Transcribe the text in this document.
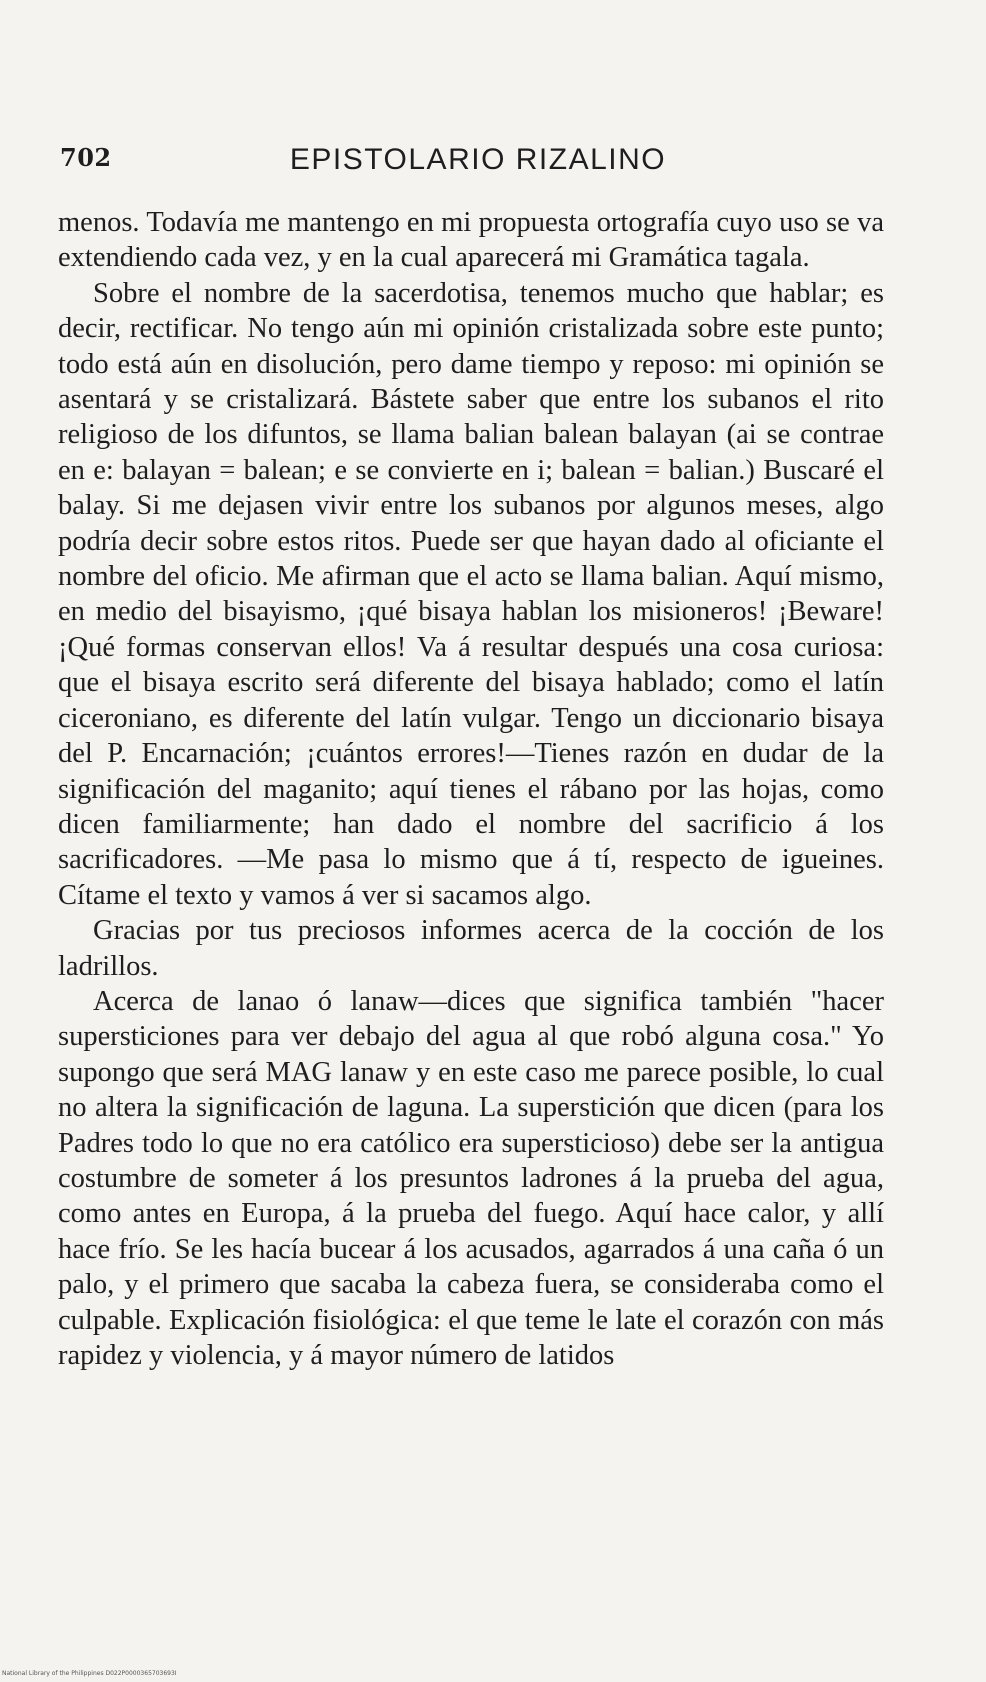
702	EPISTOLARIO RIZALINO

menos. Todavía me mantengo en mi propuesta ortografía cuyo uso se va extendiendo cada vez, y en la cual aparecerá mi Gramática tagala.

Sobre el nombre de la sacerdotisa, tenemos mucho que hablar; es decir, rectificar. No tengo aún mi opinión cristalizada sobre este punto; todo está aún en disolución, pero dame tiempo y reposo: mi opinión se asentará y se cristalizará. Bástete saber que entre los subanos el rito religioso de los difuntos, se llama balian balean balayan (ai se contrae en e: balayan = balean; e se convierte en i; balean = balian.) Buscaré el balay. Si me dejasen vivir entre los subanos por algunos meses, algo podría decir sobre estos ritos. Puede ser que hayan dado al oficiante el nombre del oficio. Me afirman que el acto se llama balian. Aquí mismo, en medio del bisayismo, ¡qué bisaya hablan los misioneros! ¡Beware! ¡Qué formas conservan ellos! Va á resultar después una cosa curiosa: que el bisaya escrito será diferente del bisaya hablado; como el latín ciceroniano, es diferente del latín vulgar. Tengo un diccionario bisaya del P. Encarnación; ¡cuántos errores!—Tienes razón en dudar de la significación del maganito; aquí tienes el rábano por las hojas, como dicen familiarmente; han dado el nombre del sacrificio á los sacrificadores. —Me pasa lo mismo que á tí, respecto de igueines. Cítame el texto y vamos á ver si sacamos algo.

Gracias por tus preciosos informes acerca de la cocción de los ladrillos.

Acerca de lanao ó lanaw—dices que significa también "hacer supersticiones para ver debajo del agua al que robó alguna cosa." Yo supongo que será MAG lanaw y en este caso me parece posible, lo cual no altera la significación de laguna. La superstición que dicen (para los Padres todo lo que no era católico era supersticioso) debe ser la antigua costumbre de someter á los presuntos ladrones á la prueba del agua, como antes en Europa, á la prueba del fuego. Aquí hace calor, y allí hace frío. Se les hacía bucear á los acusados, agarrados á una caña ó un palo, y el primero que sacaba la cabeza fuera, se consideraba como el culpable. Explicación fisiológica: el que teme le late el corazón con más rapidez y violencia, y á mayor número de latidos

National Library of the Philippines D022P0000365703693I
